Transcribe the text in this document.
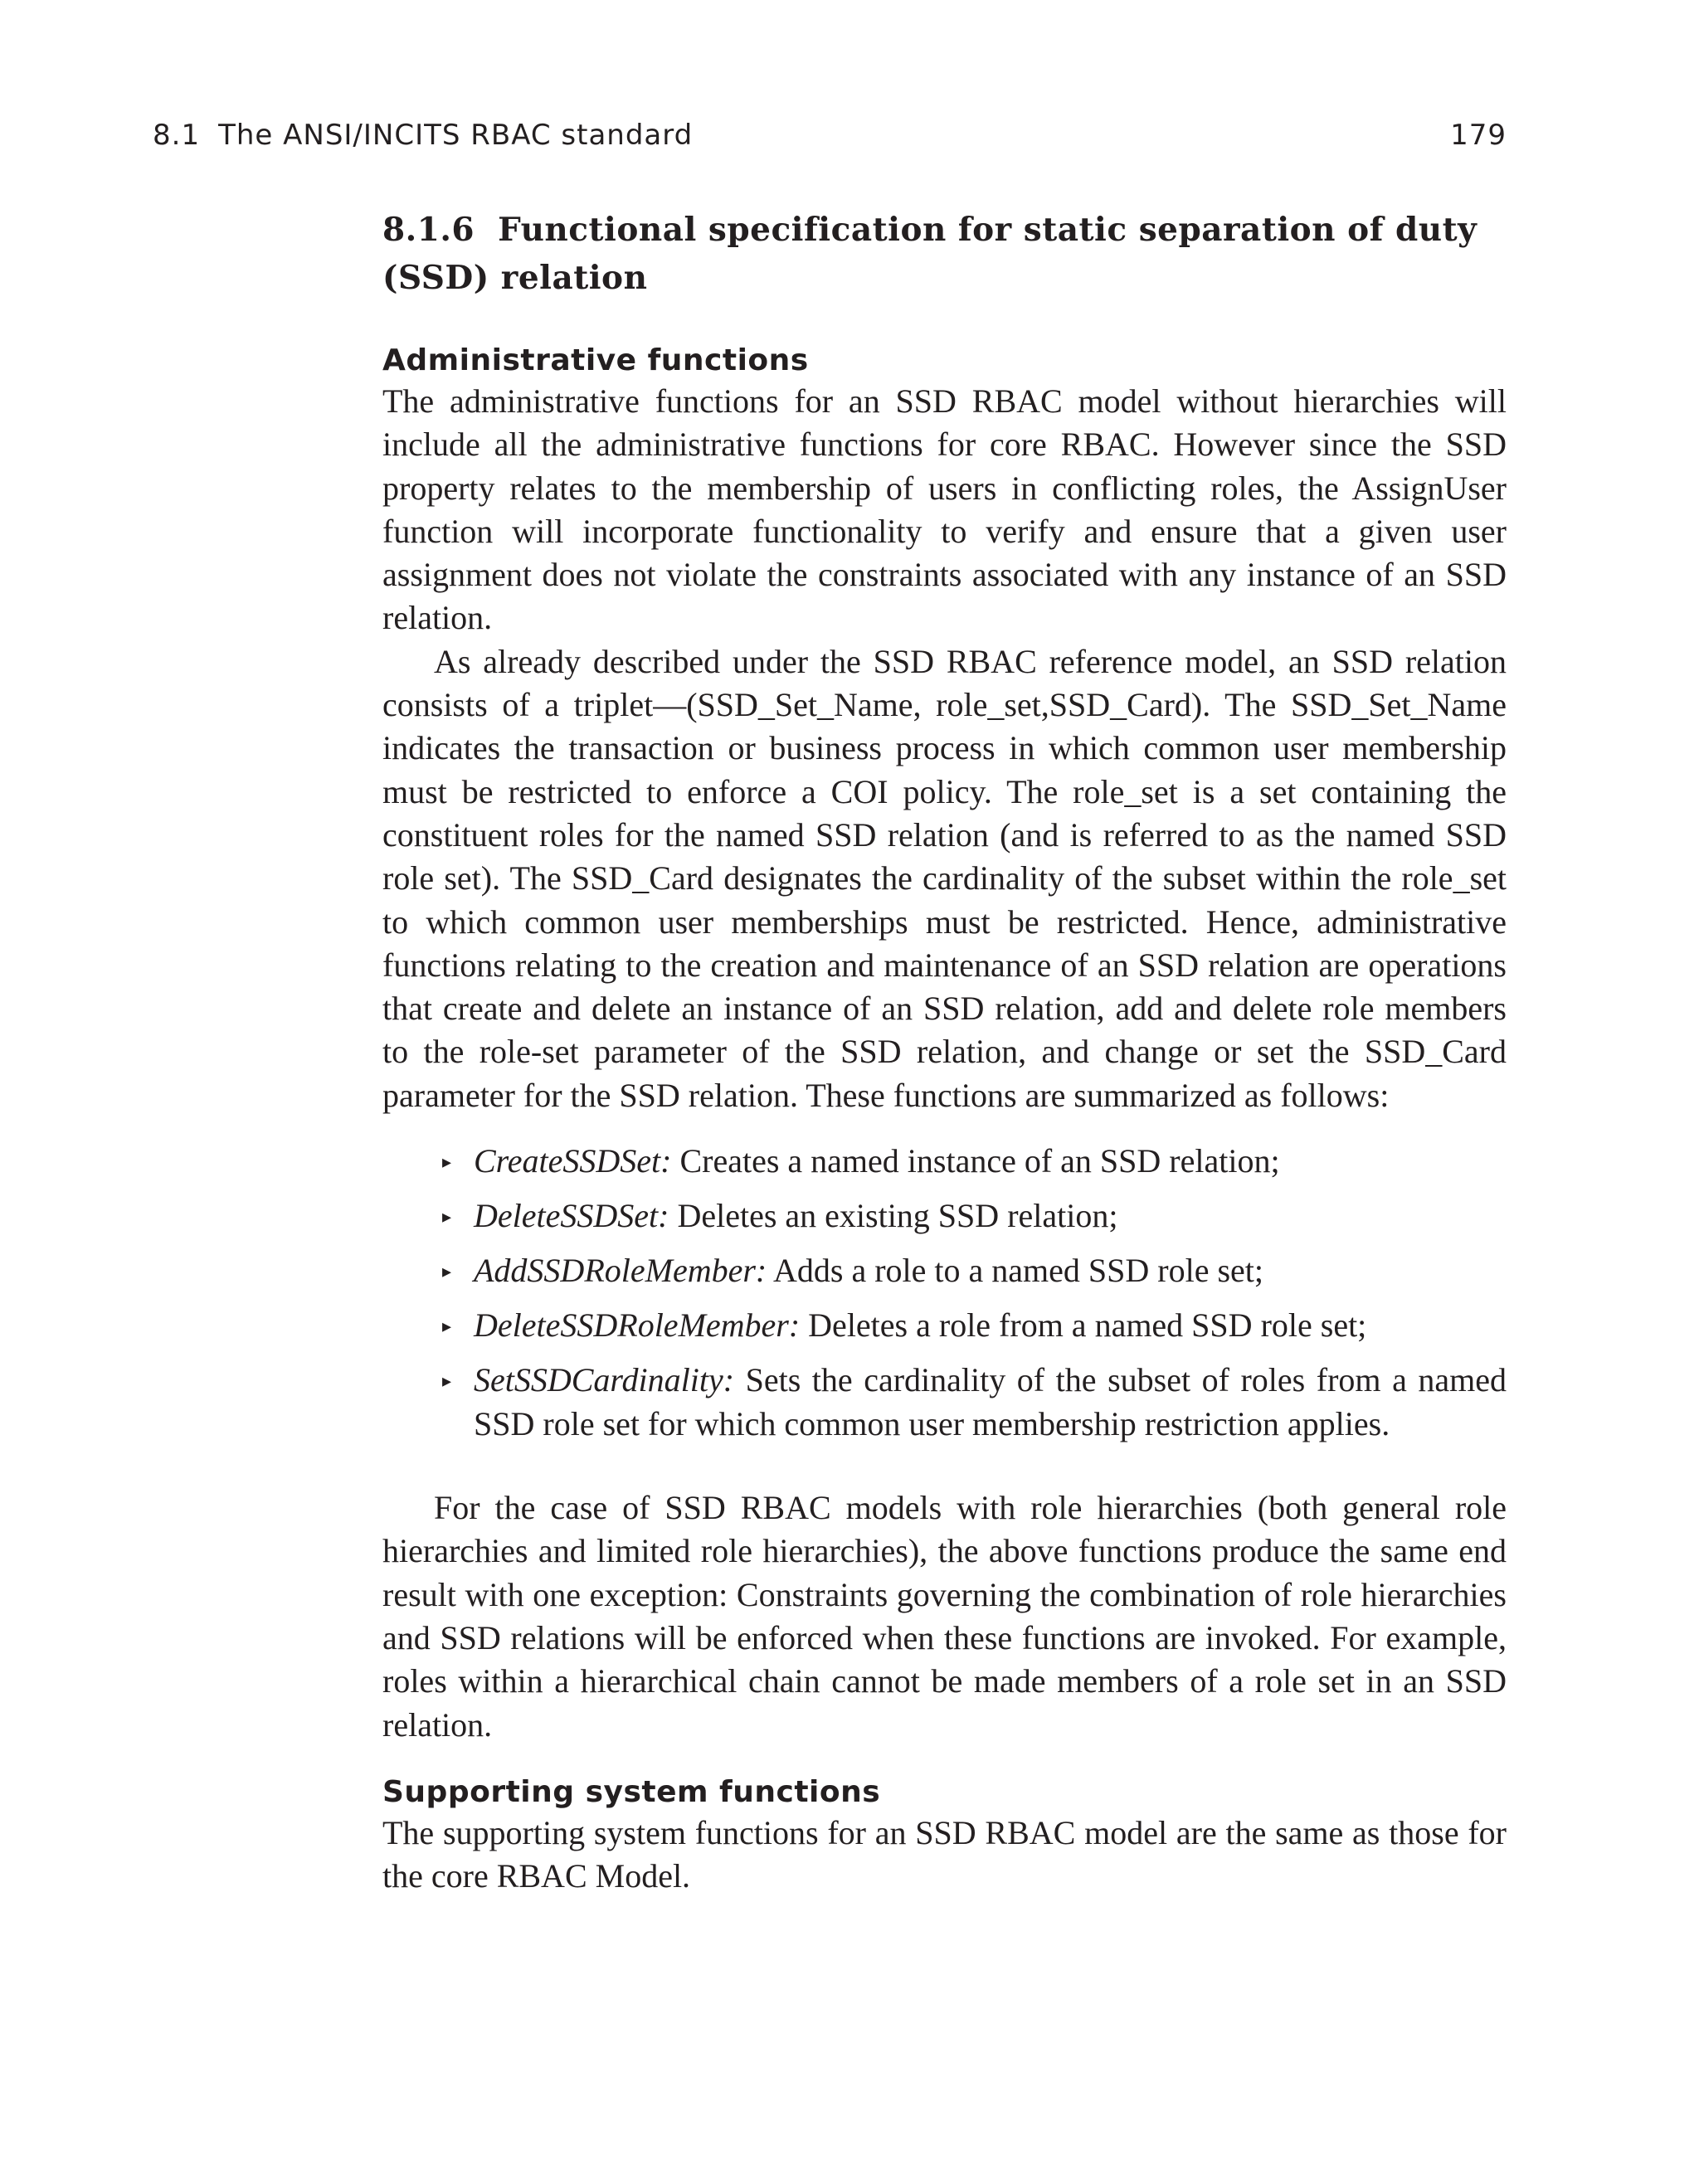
8.1 The ANSI/INCITS RBAC standard	179
8.1.6 Functional specification for static separation of duty (SSD) relation
Administrative functions

The administrative functions for an SSD RBAC model without hierarchies will include all the administrative functions for core RBAC. However since the SSD property relates to the membership of users in conflicting roles, the AssignUser function will incorporate functionality to verify and ensure that a given user assignment does not violate the constraints associated with any instance of an SSD relation.

As already described under the SSD RBAC reference model, an SSD relation consists of a triplet—(SSD_Set_Name, role_set,SSD_Card). The SSD_Set_Name indicates the transaction or business process in which common user membership must be restricted to enforce a COI policy. The role_set is a set containing the constituent roles for the named SSD relation (and is referred to as the named SSD role set). The SSD_Card designates the cardinality of the subset within the role_set to which common user memberships must be restricted. Hence, administrative functions relating to the creation and maintenance of an SSD relation are operations that create and delete an instance of an SSD relation, add and delete role members to the role-set parameter of the SSD relation, and change or set the SSD_Card parameter for the SSD relation. These functions are summarized as follows:

▸ CreateSSDSet: Creates a named instance of an SSD relation;
▸ DeleteSSDSet: Deletes an existing SSD relation;
▸ AddSSDRoleMember: Adds a role to a named SSD role set;
▸ DeleteSSDRoleMember: Deletes a role from a named SSD role set;
▸ SetSSDCardinality: Sets the cardinality of the subset of roles from a named SSD role set for which common user membership restriction applies.

For the case of SSD RBAC models with role hierarchies (both general role hierarchies and limited role hierarchies), the above functions produce the same end result with one exception: Constraints governing the combination of role hierarchies and SSD relations will be enforced when these functions are invoked. For example, roles within a hierarchical chain cannot be made members of a role set in an SSD relation.

Supporting system functions

The supporting system functions for an SSD RBAC model are the same as those for the core RBAC Model.
